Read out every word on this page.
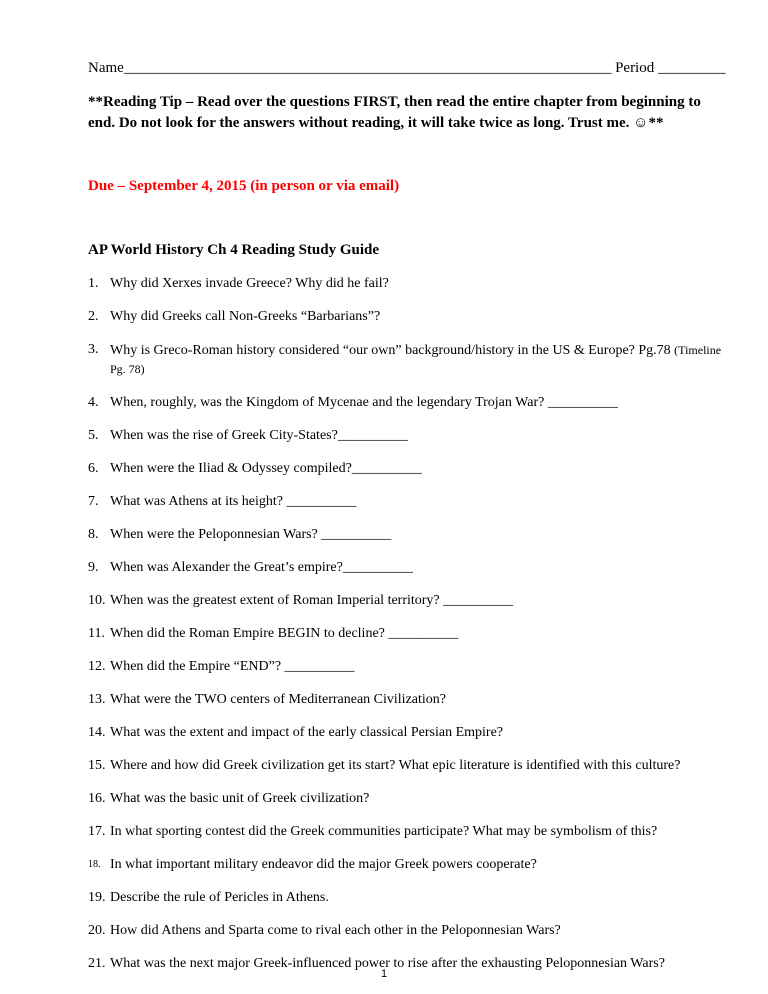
Name_________________________________________________________________ Period _________
**Reading Tip – Read over the questions FIRST, then read the entire chapter from beginning to end. Do not look for the answers without reading, it will take twice as long. Trust me. ☺**
Due – September 4, 2015 (in person or via email)
AP World History Ch 4 Reading Study Guide
1. Why did Xerxes invade Greece? Why did he fail?
2. Why did Greeks call Non-Greeks “Barbarians”?
3. Why is Greco-Roman history considered “our own” background/history in the US & Europe? Pg.78 (Timeline Pg. 78)
4. When, roughly, was the Kingdom of Mycenae and the legendary Trojan War? __________
5. When was the rise of Greek City-States?__________
6. When were the Iliad & Odyssey compiled?__________
7. What was Athens at its height? __________
8. When were the Peloponnesian Wars? __________
9. When was Alexander the Great’s empire?__________
10. When was the greatest extent of Roman Imperial territory? __________
11. When did the Roman Empire BEGIN to decline? __________
12. When did the Empire “END”? __________
13. What were the TWO centers of Mediterranean Civilization?
14. What was the extent and impact of the early classical Persian Empire?
15. Where and how did Greek civilization get its start? What epic literature is identified with this culture?
16. What was the basic unit of Greek civilization?
17. In what sporting contest did the Greek communities participate? What may be symbolism of this?
18. In what important military endeavor did the major Greek powers cooperate?
19. Describe the rule of Pericles in Athens.
20. How did Athens and Sparta come to rival each other in the Peloponnesian Wars?
21. What was the next major Greek-influenced power to rise after the exhausting Peloponnesian Wars?
1
